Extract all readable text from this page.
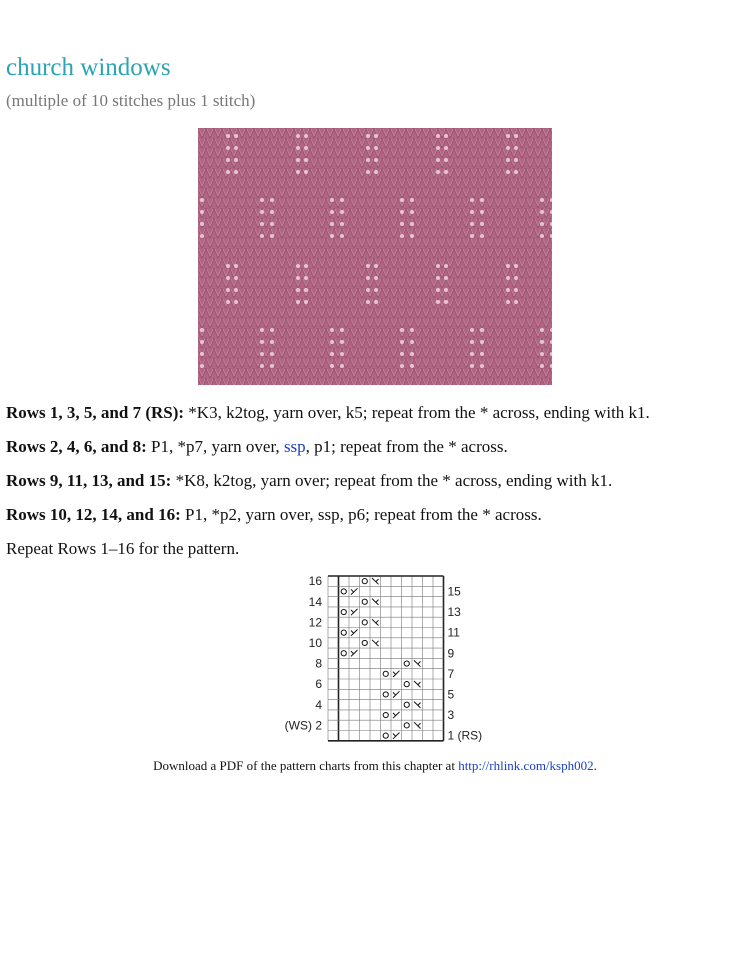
church windows
(multiple of 10 stitches plus 1 stitch)

Rows 1, 3, 5, and 7 (RS): *K3, k2tog, yarn over, k5; repeat from the * across, ending with k1.

Rows 2, 4, 6, and 8: P1, *p7, yarn over, ssp, p1; repeat from the * across.

Rows 9, 11, 13, and 15: *K8, k2tog, yarn over; repeat from the * across, ending with k1.

Rows 10, 12, 14, and 16: P1, *p2, yarn over, ssp, p6; repeat from the * across.

Repeat Rows 1–16 for the pattern.

16
14
12
10
8
6
4
(WS) 2
15
13
11
9
7
5
3
1 (RS)
Download a PDF of the pattern charts from this chapter at http://rhlink.com/ksph002.
